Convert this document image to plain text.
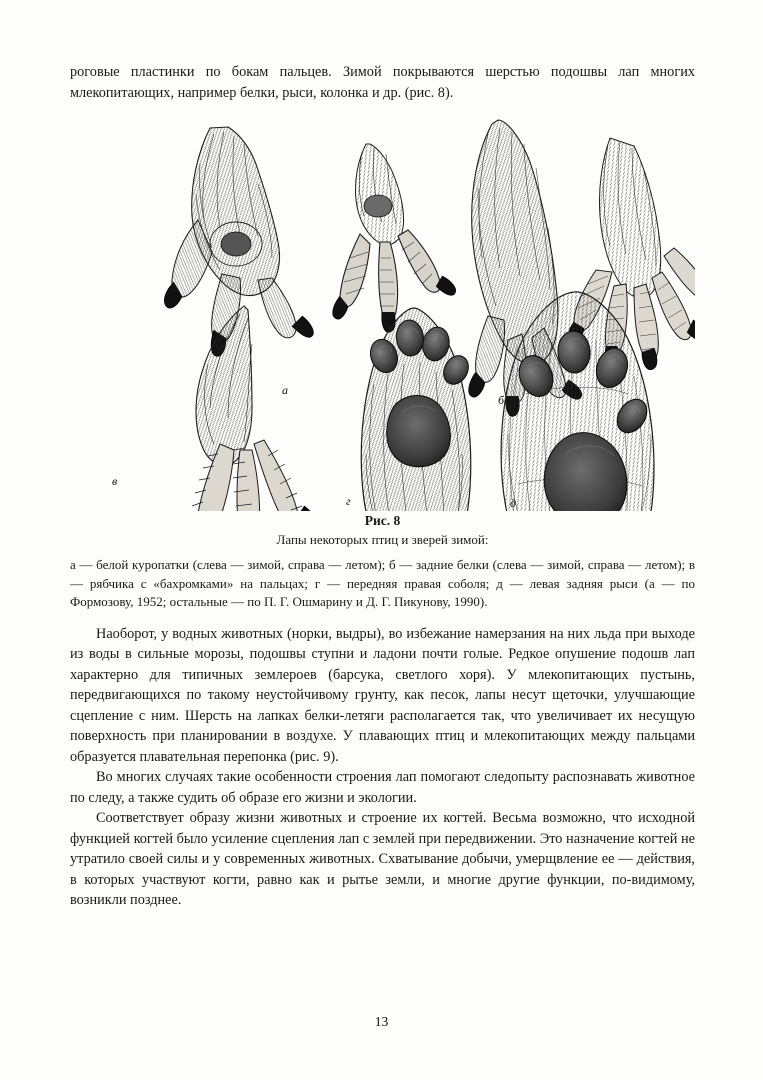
роговые пластинки по бокам пальцев. Зимой покрываются шерстью подошвы лап многих млекопитающих, например белки, рыси, колонка и др. (рис. 8).
а
б
в
г	д
Рис. 8
Лапы некоторых птиц и зверей зимой:
а — белой куропатки (слева — зимой, справа — летом); б — задние белки (слева — зимой, справа — летом); в — рябчика с «бахромками» на пальцах; г — передняя правая соболя; д — левая задняя рыси (а — по Формозову, 1952; остальные — по П. Г. Ошмарину и Д. Г. Пикунову, 1990).

Наоборот, у водных животных (норки, выдры), во избежание намерзания на них льда при выходе из воды в сильные морозы, подошвы ступни и ладони почти голые. Редкое опушение подошв лап характерно для типичных землероев (барсука, светлого хоря). У млекопитающих пустынь, передвигающихся по такому неустойчивому грунту, как песок, лапы несут щеточки, улучшающие сцепление с ним. Шерсть на лапках белки-летяги располагается так, что увеличивает их несущую поверхность при планировании в воздухе. У плавающих птиц и млекопитающих между пальцами образуется плавательная перепонка (рис. 9).

Во многих случаях такие особенности строения лап помогают следопыту распознавать животное по следу, а также судить об образе его жизни и экологии.

Соответствует образу жизни животных и строение их когтей. Весьма возможно, что исходной функцией когтей было усиление сцепления лап с землей при передвижении. Это назначение когтей не утратило своей силы и у современных животных. Схватывание добычи, умерщвление ее — действия, в которых участвуют когти, равно как и рытье земли, и многие другие функции, по-видимому, возникли позднее.

13
